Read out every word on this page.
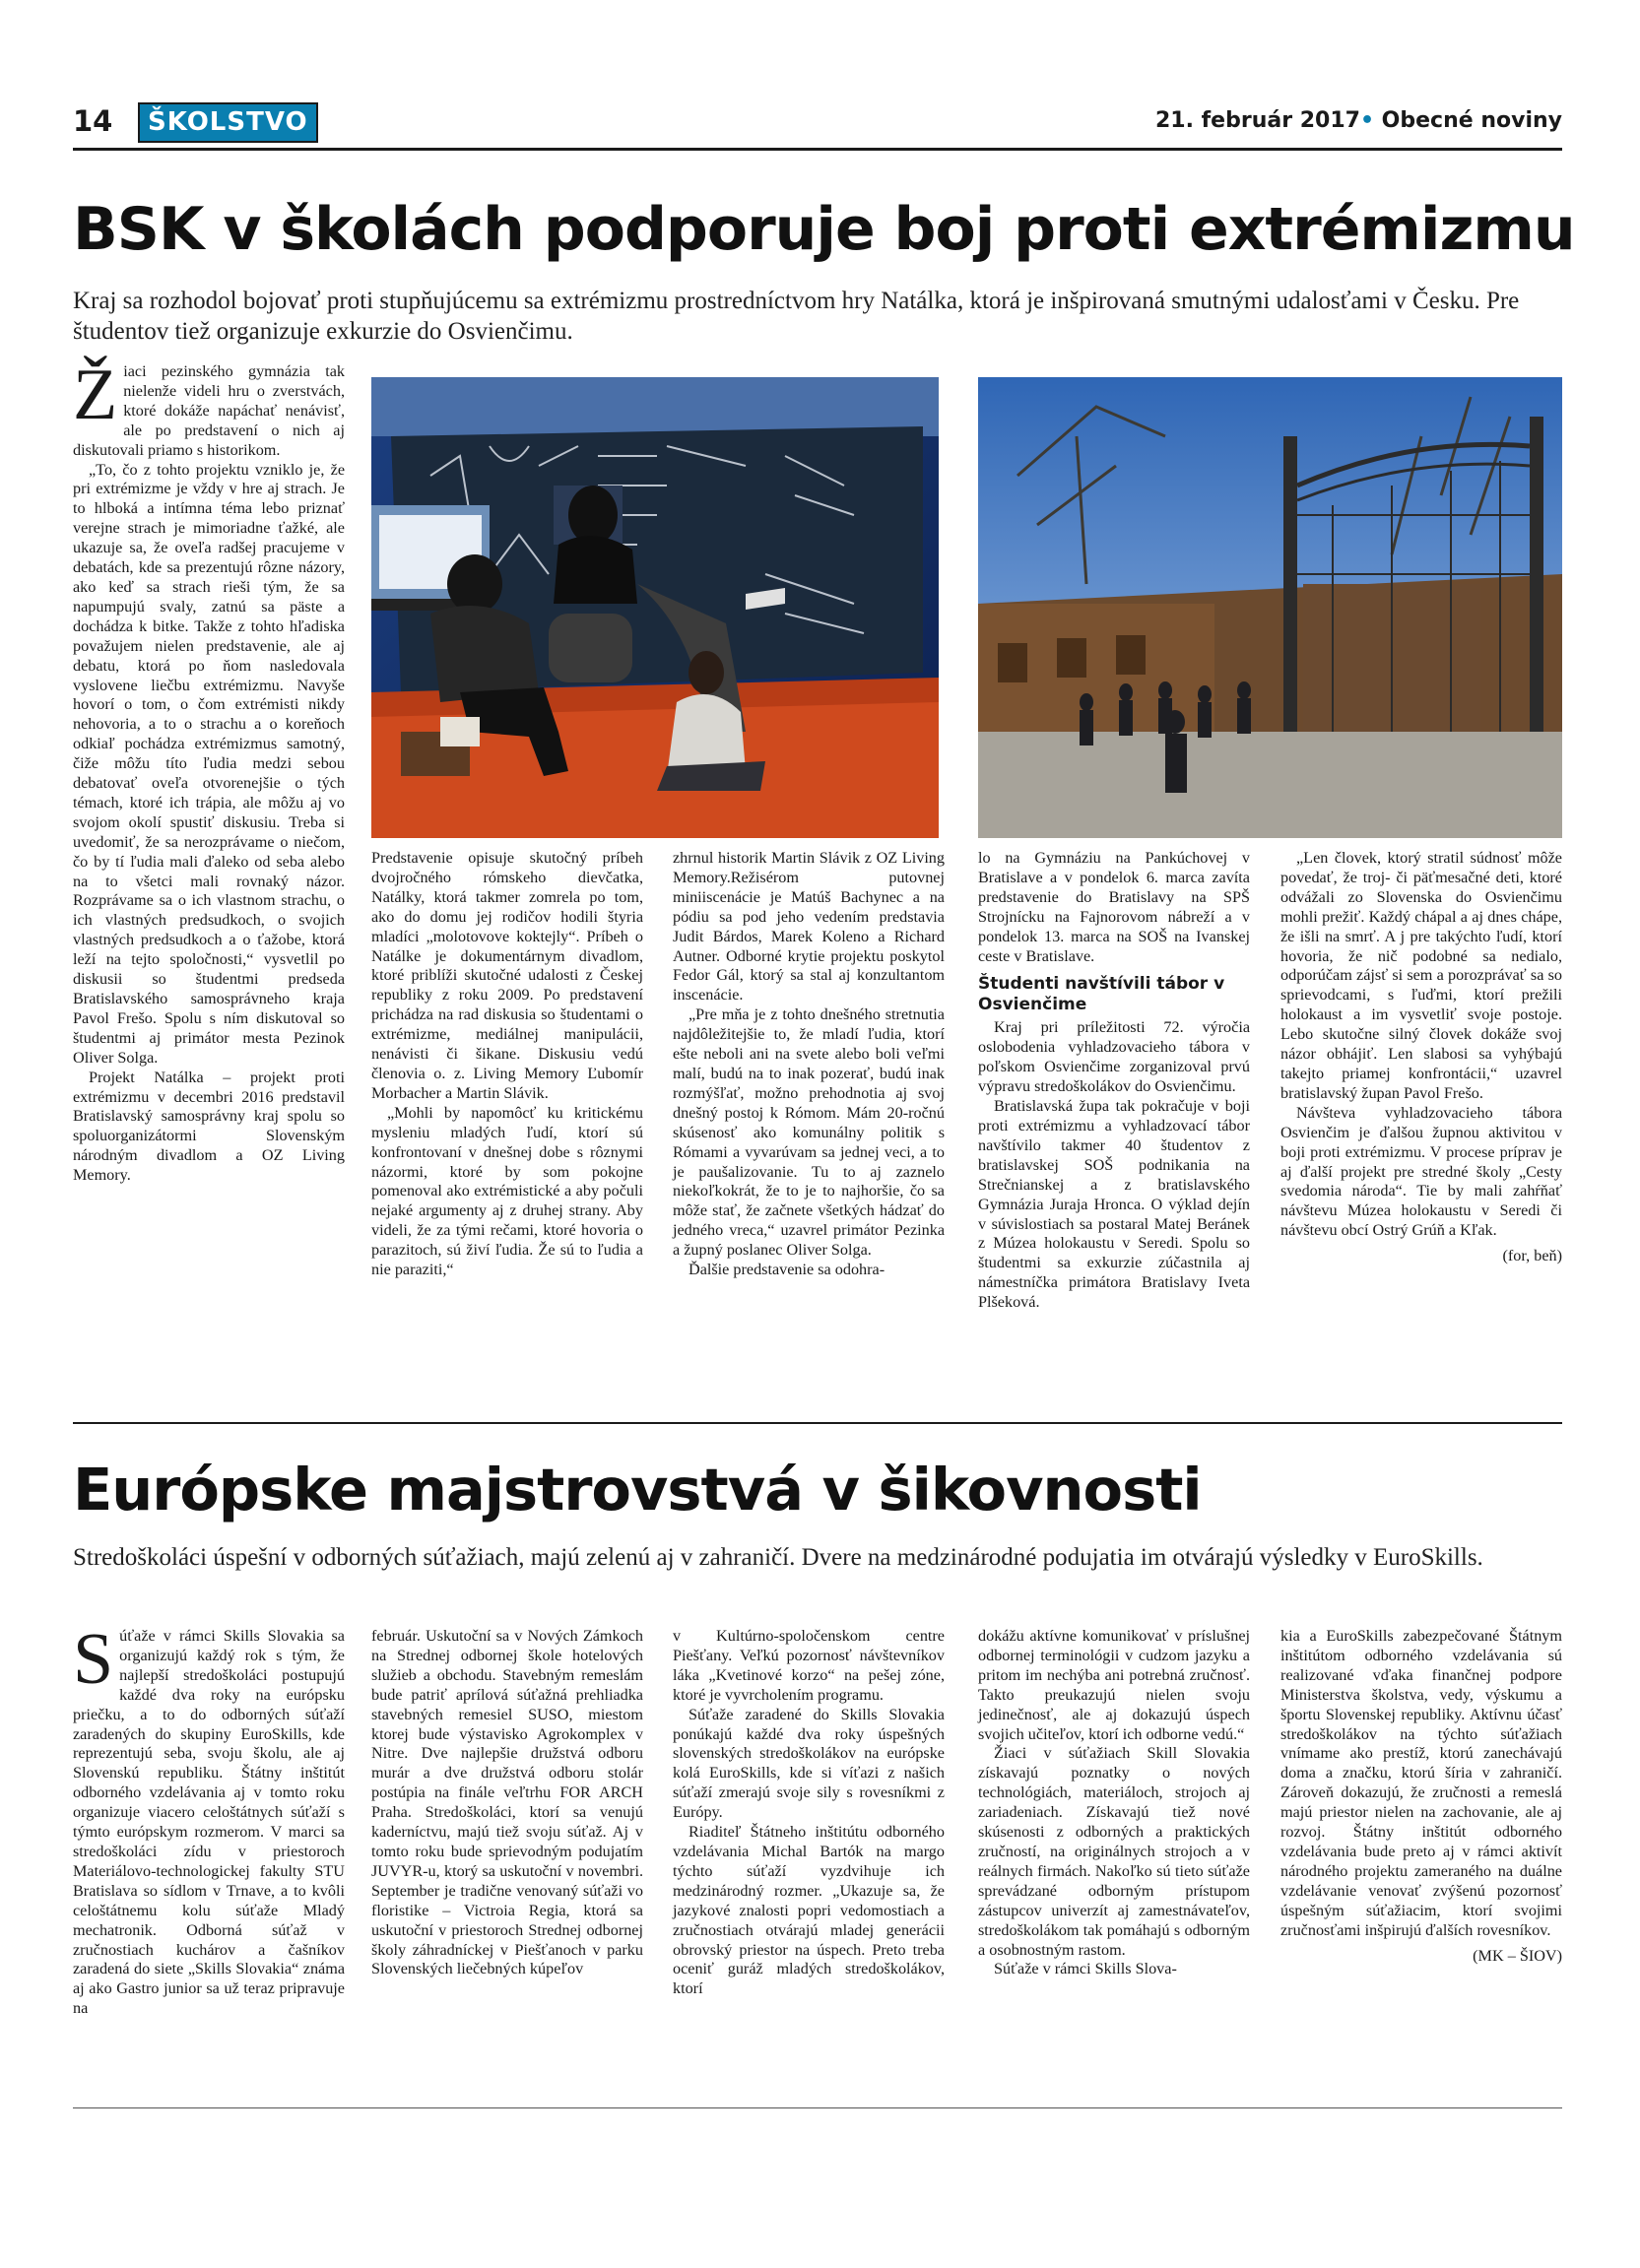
14	ŠKOLSTVO	21. február 2017• Obecné noviny
BSK v školách podporuje boj proti extrémizmu

Kraj sa rozhodol bojovať proti stupňujúcemu sa extrémizmu prostredníctvom hry Natálka, ktorá je inšpirovaná smutnými udalosťami v Česku. Pre študentov tiež organizuje exkurzie do Osvienčimu.

Žiaci pezinského gymnázia tak nielenže videli hru o zverstvách, ktoré dokáže napáchať nenávisť, ale po predstavení o nich aj diskutovali priamo s historikom.

„To, čo z tohto projektu vzniklo je, že pri extrémizme je vždy v hre aj strach. Je to hlboká a intímna téma lebo priznať verejne strach je mimoriadne ťažké, ale ukazuje sa, že oveľa radšej pracujeme v debatách, kde sa prezentujú rôzne názory, ako keď sa strach rieši tým, že sa napumpujú svaly, zatnú sa päste a dochádza k bitke. Takže z tohto hľadiska považujem nielen predstavenie, ale aj debatu, ktorá po ňom nasledovala vyslovene liečbu extrémizmu. Navyše hovorí o tom, o čom extrémisti nikdy nehovoria, a to o strachu a o koreňoch odkiaľ pochádza extrémizmus samotný, čiže môžu títo ľudia medzi sebou debatovať oveľa otvorenejšie o tých témach, ktoré ich trápia, ale môžu aj vo svojom okolí spustiť diskusiu. Treba si uvedomiť, že sa nerozprávame o niečom, čo by tí ľudia mali ďaleko od seba alebo na to všetci mali rovnaký názor. Rozprávame sa o ich vlastnom strachu, o ich vlastných predsudkoch, o svojich vlastných predsudkoch a o ťažobe, ktorá leží na tejto spoločnosti,“ vysvetlil po diskusii so študentmi predseda Bratislavského samosprávneho kraja Pavol Frešo. Spolu s ním diskutoval so študentmi aj primátor mesta Pezinok Oliver Solga.

Projekt Natálka – projekt proti extrémizmu v decembri 2016 predstavil Bratislavský samosprávny kraj spolu so spoluorganizátormi Slovenským národným divadlom a OZ Living Memory.

Predstavenie opisuje skutočný príbeh dvojročného rómskeho dievčatka, Natálky, ktorá takmer zomrela po tom, ako do domu jej rodičov hodili štyria mladíci „molotovove koktejly“. Príbeh o Natálke je dokumentárnym divadlom, ktoré priblíži skutočné udalosti z Českej republiky z roku 2009. Po predstavení prichádza na rad diskusia so študentami o extrémizme, mediálnej manipulácii, nenávisti či šikane. Diskusiu vedú členovia o. z. Living Memory Ľubomír Morbacher a Martin Slávik.

„Mohli by napomôcť ku kritickému mysleniu mladých ľudí, ktorí sú konfrontovaní v dnešnej dobe s rôznymi názormi, ktoré by som pokojne pomenoval ako extrémistické a aby počuli nejaké argumenty aj z druhej strany. Aby videli, že za tými rečami, ktoré hovoria o parazitoch, sú živí ľudia. Že sú to ľudia a nie paraziti,“

zhrnul historik Martin Slávik z OZ Living Memory.Režisérom putovnej miniiscenácie je Matúš Bachynec a na pódiu sa pod jeho vedením predstavia Judit Bárdos, Marek Koleno a Richard Autner. Odborné krytie projektu poskytol Fedor Gál, ktorý sa stal aj konzultantom inscenácie.

„Pre mňa je z tohto dnešného stretnutia najdôležitejšie to, že mladí ľudia, ktorí ešte neboli ani na svete alebo boli veľmi malí, budú na to inak pozerať, budú inak rozmýšľať, možno prehodnotia aj svoj dnešný postoj k Rómom. Mám 20-ročnú skúsenosť ako komunálny politik s Rómami a vyvarúvam sa jednej veci, a to je paušalizovanie. Tu to aj zaznelo niekoľkokrát, že to je to najhoršie, čo sa môže stať, že začnete všetkých hádzať do jedného vreca,“ uzavrel primátor Pezinka a župný poslanec Oliver Solga.

Ďalšie predstavenie sa odohra-

lo na Gymnáziu na Pankúchovej v Bratislave a v pondelok 6. marca zavíta predstavenie do Bratislavy na SPŠ Strojnícku na Fajnorovom nábreží a v pondelok 13. marca na SOŠ na Ivanskej ceste v Bratislave.

Študenti navštívili tábor v Osvienčime

Kraj pri príležitosti 72. výročia oslobodenia vyhladzovacieho tábora v poľskom Osvienčime zorganizoval prvú výpravu stredoškolákov do Osvienčimu.

Bratislavská župa tak pokračuje v boji proti extrémizmu a vyhladzovací tábor navštívilo takmer 40 študentov z bratislavskej SOŠ podnikania na Strečnianskej a z bratislavského Gymnázia Juraja Hronca. O výklad dejín v súvislostiach sa postaral Matej Beránek z Múzea holokaustu v Seredi. Spolu so študentmi sa exkurzie zúčastnila aj námestníčka primátora Bratislavy Iveta Plšeková.

„Len človek, ktorý stratil súdnosť môže povedať, že troj- či päťmesačné deti, ktoré odvážali zo Slovenska do Osvienčimu mohli prežiť. Každý chápal a aj dnes chápe, že išli na smrť. A j pre takýchto ľudí, ktorí hovoria, že nič podobné sa nedialo, odporúčam zájsť si sem a porozprávať sa so sprievodcami, s ľuďmi, ktorí prežili holokaust a im vysvetliť svoje postoje. Lebo skutočne silný človek dokáže svoj názor obhájiť. Len slabosi sa vyhýbajú takejto priamej konfrontácii,“ uzavrel bratislavský župan Pavol Frešo.

Návšteva vyhladzovacieho tábora Osvienčim je ďalšou župnou aktivitou v boji proti extrémizmu. V procese príprav je aj ďalší projekt pre stredné školy „Cesty svedomia národa“. Tie by mali zahŕňať návštevu Múzea holokaustu v Seredi či návštevu obcí Ostrý Grúň a Kľak.

(for, beň)

Európske majstrovstvá v šikovnosti

Stredoškoláci úspešní v odborných súťažiach, majú zelenú aj v zahraničí. Dvere na medzinárodné podujatia im otvárajú výsledky v EuroSkills.

Súťaže v rámci Skills Slovakia sa organizujú každý rok s tým, že najlepší stredoškoláci postupujú každé dva roky na európsku priečku, a to do odborných súťaží zaradených do skupiny EuroSkills, kde reprezentujú seba, svoju školu, ale aj Slovenskú republiku. Štátny inštitút odborného vzdelávania aj v tomto roku organizuje viacero celoštátnych súťaží s týmto európskym rozmerom. V marci sa stredoškoláci zídu v priestoroch Materiálovo-technologickej fakulty STU Bratislava so sídlom v Trnave, a to kvôli celoštátnemu kolu súťaže Mladý mechatronik. Odborná súťaž v zručnostiach kuchárov a čašníkov zaradená do siete „Skills Slovakia“ známa aj ako Gastro junior sa už teraz pripravuje na

február. Uskutoční sa v Nových Zámkoch na Strednej odbornej škole hotelových služieb a obchodu. Stavebným remeslám bude patriť aprílová súťažná prehliadka stavebných remesiel SUSO, miestom ktorej bude výstavisko Agrokomplex v Nitre. Dve najlepšie družstvá odboru murár a dve družstvá odboru stolár postúpia na finále veľtrhu FOR ARCH Praha. Stredoškoláci, ktorí sa venujú kaderníctvu, majú tiež svoju súťaž. Aj v tomto roku bude sprievodným podujatím JUVYR-u, ktorý sa uskutoční v novembri. September je tradične venovaný súťaži vo floristike – Victroia Regia, ktorá sa uskutoční v priestoroch Strednej odbornej školy záhradníckej v Piešťanoch v parku Slovenských liečebných kúpeľov

v Kultúrno-spoločenskom centre Piešťany. Veľkú pozornosť návštevníkov láka „Kvetinové korzo“ na pešej zóne, ktoré je vyvrcholením programu.

Súťaže zaradené do Skills Slovakia ponúkajú každé dva roky úspešných slovenských stredoškolákov na európske kolá EuroSkills, kde si víťazi z našich súťaží zmerajú svoje sily s rovesníkmi z Európy.

Riaditeľ Štátneho inštitútu odborného vzdelávania Michal Bartók na margo týchto súťaží vyzdvihuje ich medzinárodný rozmer. „Ukazuje sa, že jazykové znalosti popri vedomostiach a zručnostiach otvárajú mladej generácii obrovský priestor na úspech. Preto treba oceniť guráž mladých stredoškolákov, ktorí

dokážu aktívne komunikovať v príslušnej odbornej terminológii v cudzom jazyku a pritom im nechýba ani potrebná zručnosť. Takto preukazujú nielen svoju jedinečnosť, ale aj dokazujú úspech svojich učiteľov, ktorí ich odborne vedú.“

Žiaci v súťažiach Skill Slovakia získavajú poznatky o nových technológiách, materiáloch, strojoch aj zariadeniach. Získavajú tiež nové skúsenosti z odborných a praktických zručností, na originálnych strojoch a v reálnych firmách. Nakoľko sú tieto súťaže sprevádzané odborným prístupom zástupcov univerzít aj zamestnávateľov, stredoškolákom tak pomáhajú s odborným a osobnostným rastom.

Súťaže v rámci Skills Slova-

kia a EuroSkills zabezpečované Štátnym inštitútom odborného vzdelávania sú realizované vďaka finančnej podpore Ministerstva školstva, vedy, výskumu a športu Slovenskej republiky. Aktívnu účasť stredoškolákov na týchto súťažiach vnímame ako prestíž, ktorú zanechávajú doma a značku, ktorú šíria v zahraničí. Zároveň dokazujú, že zručnosti a remeslá majú priestor nielen na zachovanie, ale aj rozvoj. Štátny inštitút odborného vzdelávania bude preto aj v rámci aktivít národného projektu zameraného na duálne vzdelávanie venovať zvýšenú pozornosť úspešným súťažiacim, ktorí svojimi zručnosťami inšpirujú ďalších rovesníkov.

(MK – ŠIOV)
